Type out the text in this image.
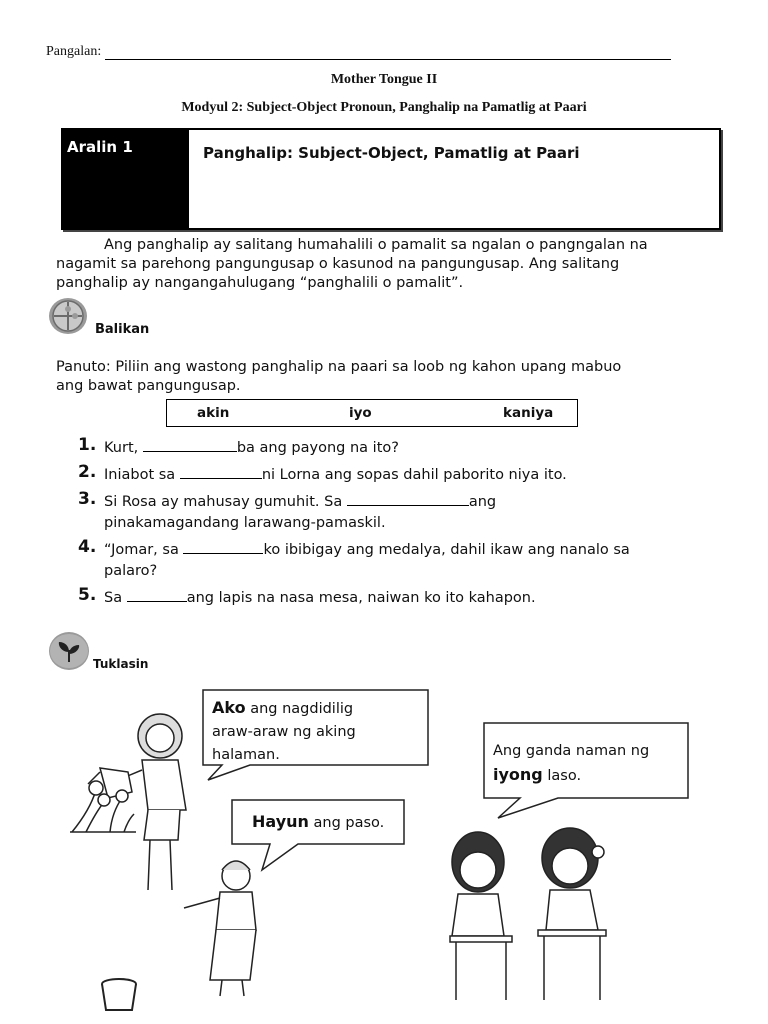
Pangalan:
Mother Tongue II
Modyul 2: Subject-Object Pronoun, Panghalip na Pamatlig at Paari
Aralin 1	Panghalip: Subject-Object, Pamatlig at Paari
Ang panghalip ay salitang humahalili o pamalit sa ngalan o pangngalan na
nagamit sa parehong pangungusap o kasunod na pangungusap. Ang salitang
panghalip ay nangangahulugang “panghalili o pamalit”.
Balikan
Panuto: Piliin ang wastong panghalip na paari sa loob ng kahon upang mabuo
ang bawat pangungusap.
akin	iyo	kaniya
1. Kurt,	ba ang payong na ito?
2. Iniabot sa	ni Lorna ang sopas dahil paborito niya ito.
3. Si Rosa ay mahusay gumuhit. Sa	ang
pinakamagandang larawang-pamaskil.
4. “Jomar, sa	ko ibibigay ang medalya, dahil ikaw ang nanalo sa
palaro?
5. Sa	ang lapis na nasa mesa, naiwan ko ito kahapon.
Tuklasin
Ako ang nagdidilig
araw-araw ng aking
halaman.
Hayun ang paso.
Ang ganda naman ng
iyong laso.
